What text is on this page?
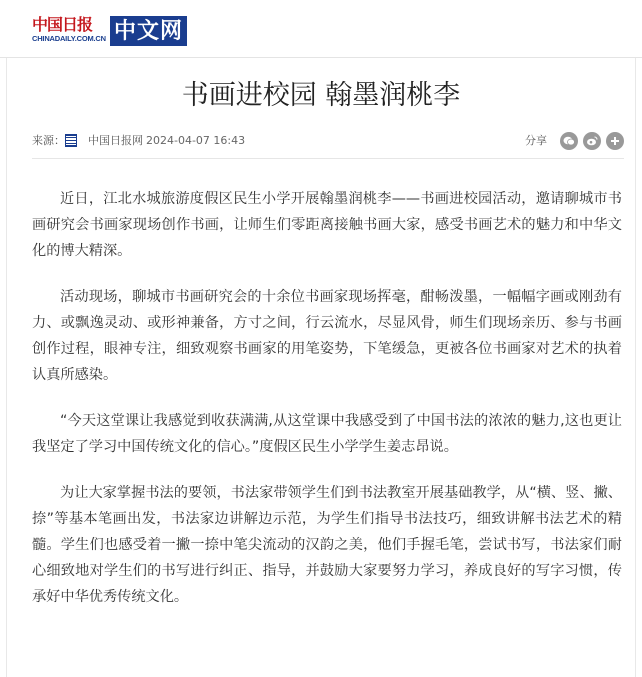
中国日报
CHINADAILY.COM.CN 中文网
书画进校园 翰墨润桃李
来源： 中国日报网 2024-04-07 16:43	分享

近日，江北水城旅游度假区民生小学开展翰墨润桃李——书画进校园活动，邀请聊城市书画研究会书画家现场创作书画，让师生们零距离接触书画大家，感受书画艺术的魅力和中华文化的博大精深。

活动现场，聊城市书画研究会的十余位书画家现场挥毫，酣畅泼墨，一幅幅字画或刚劲有力、或飘逸灵动、或形神兼备，方寸之间，行云流水，尽显风骨，师生们现场亲历、参与书画创作过程，眼神专注，细致观察书画家的用笔姿势，下笔缓急，更被各位书画家对艺术的执着认真所感染。

“今天这堂课让我感觉到收获满满,从这堂课中我感受到了中国书法的浓浓的魅力,这也更让我坚定了学习中国传统文化的信心。”度假区民生小学学生姜志昂说。

为让大家掌握书法的要领，书法家带领学生们到书法教室开展基础教学，从“横、竖、撇、捺”等基本笔画出发，书法家边讲解边示范，为学生们指导书法技巧，细致讲解书法艺术的精髓。学生们也感受着一撇一捺中笔尖流动的汉韵之美，他们手握毛笔，尝试书写，书法家们耐心细致地对学生们的书写进行纠正、指导，并鼓励大家要努力学习，养成良好的写字习惯，传承好中华优秀传统文化。
